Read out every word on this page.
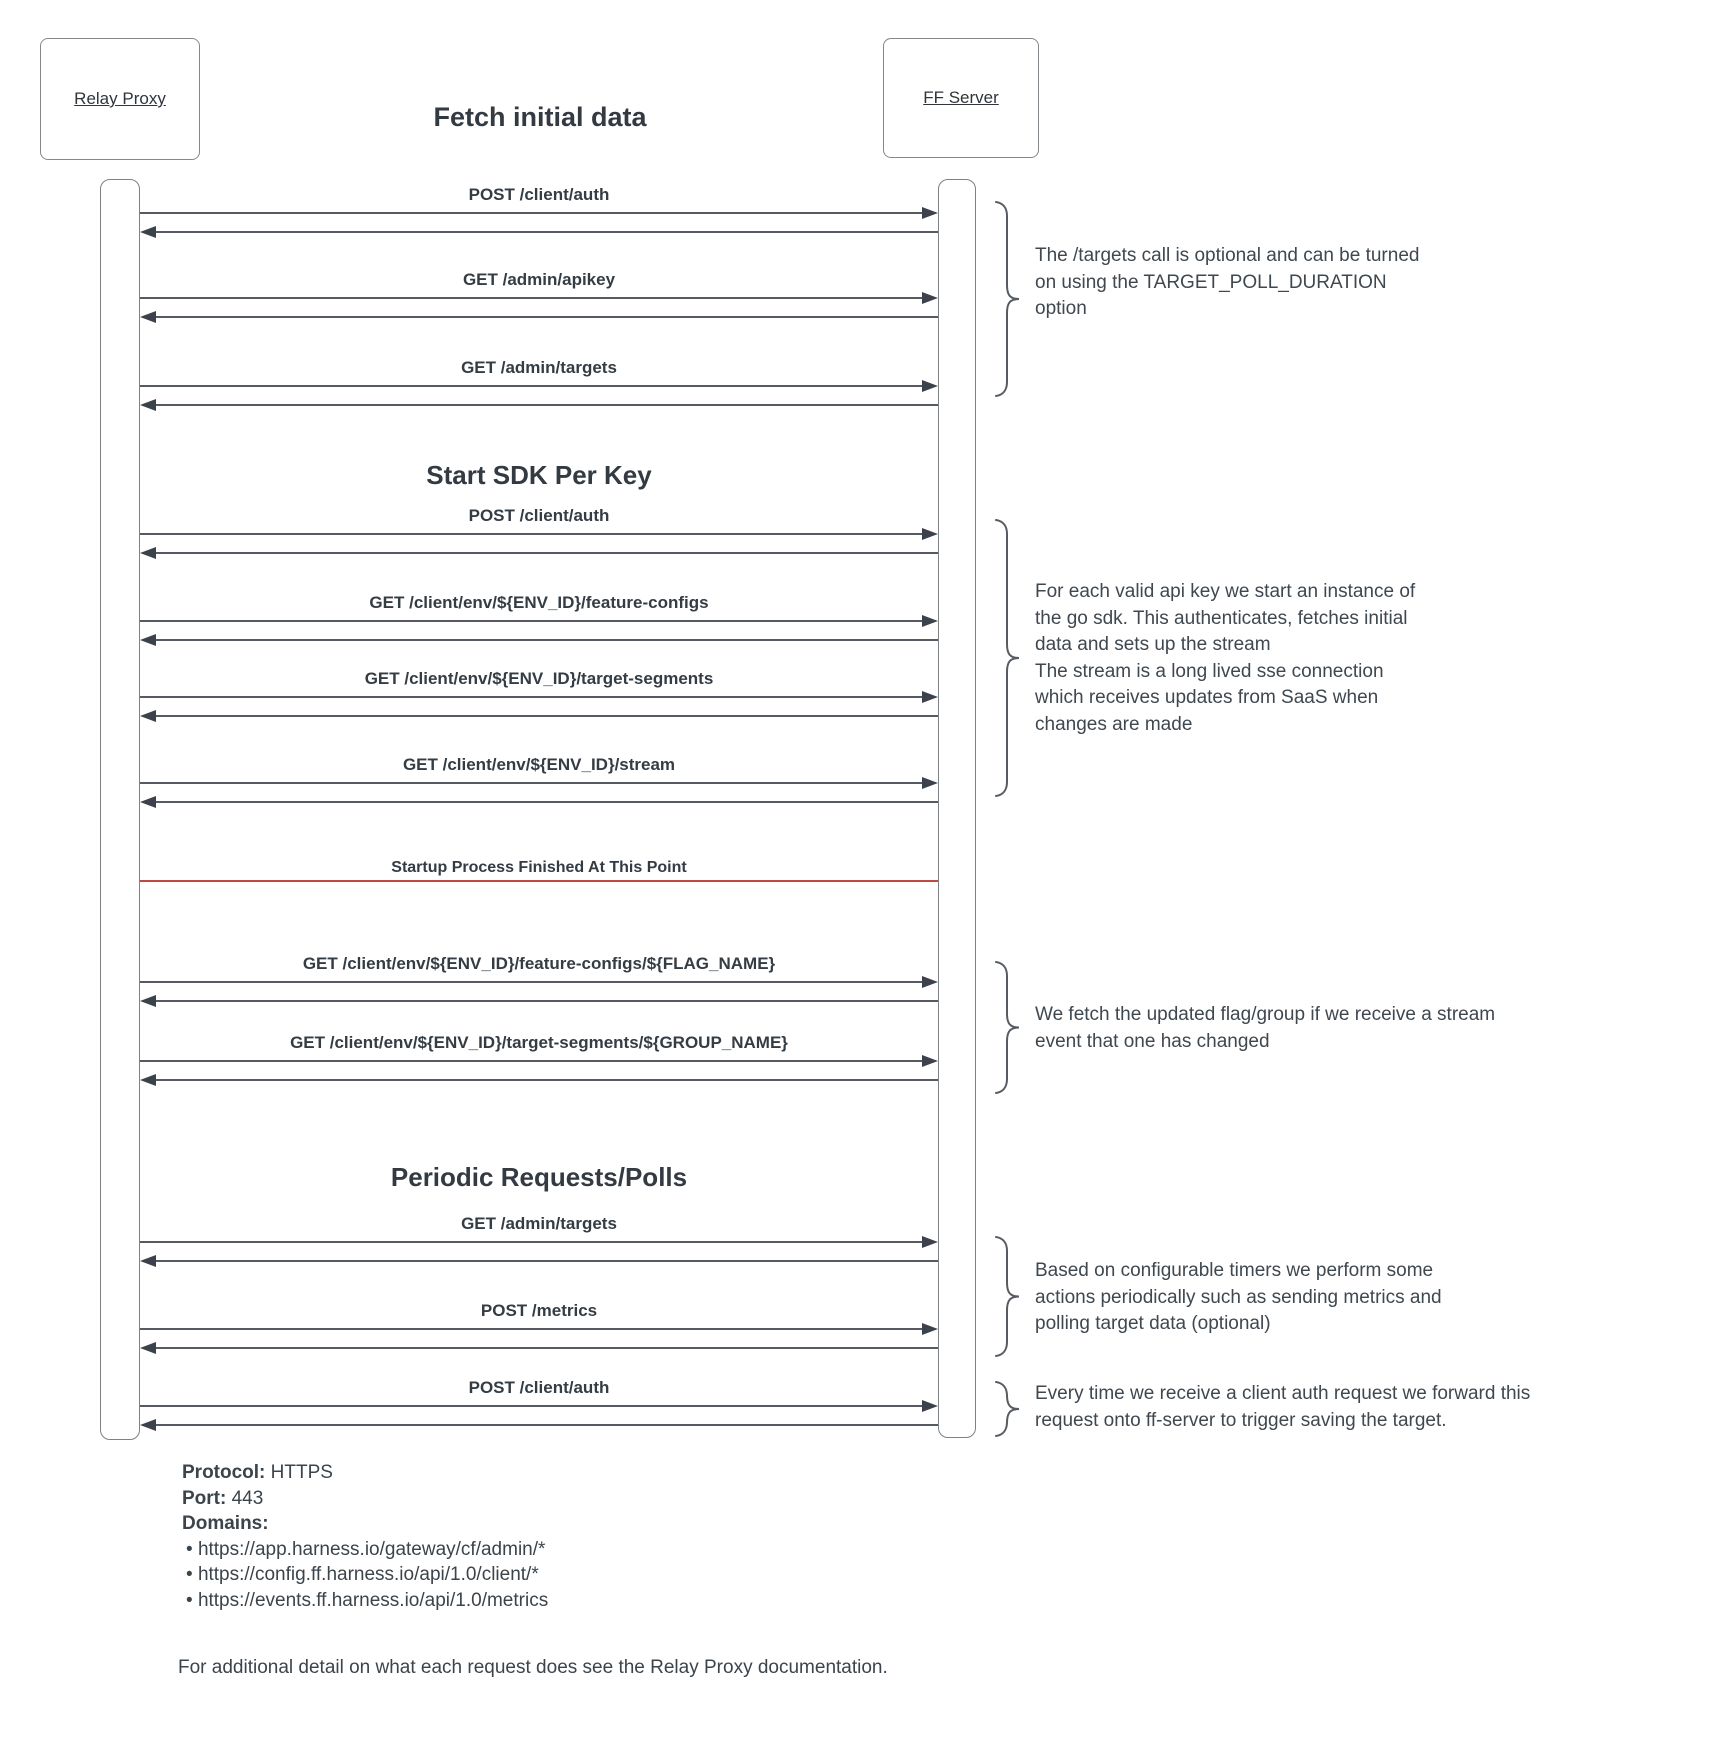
Relay Proxy	FF Server
Fetch initial data
Protocol: HTTPS
Port: 443
Domains:
• https://app.harness.io/gateway/cf/admin/*
• https://config.ff.harness.io/api/1.0/client/*
• https://events.ff.harness.io/api/1.0/metrics
For additional detail on what each request does see the Relay Proxy documentation.
POST /client/auth
GET /admin/apikey
GET /admin/targets
Start SDK Per Key
POST /client/auth
GET /client/env/${ENV_ID}/feature-configs
GET /client/env/${ENV_ID}/target-segments
GET /client/env/${ENV_ID}/stream
Startup Process Finished At This Point
GET /client/env/${ENV_ID}/feature-configs/${FLAG_NAME}
GET /client/env/${ENV_ID}/target-segments/${GROUP_NAME}
Periodic Requests/Polls
GET /admin/targets
POST /metrics
POST /client/auth
The /targets call is optional and can be turned
on using the TARGET_POLL_DURATION
option
For each valid api key we start an instance of
the go sdk. This authenticates, fetches initial
data and sets up the stream
The stream is a long lived sse connection
which receives updates from SaaS when
changes are made
We fetch the updated flag/group if we receive a stream
event that one has changed
Based on configurable timers we perform some
actions periodically such as sending metrics and
polling target data (optional)
Every time we receive a client auth request we forward this
request onto ff-server to trigger saving the target.
